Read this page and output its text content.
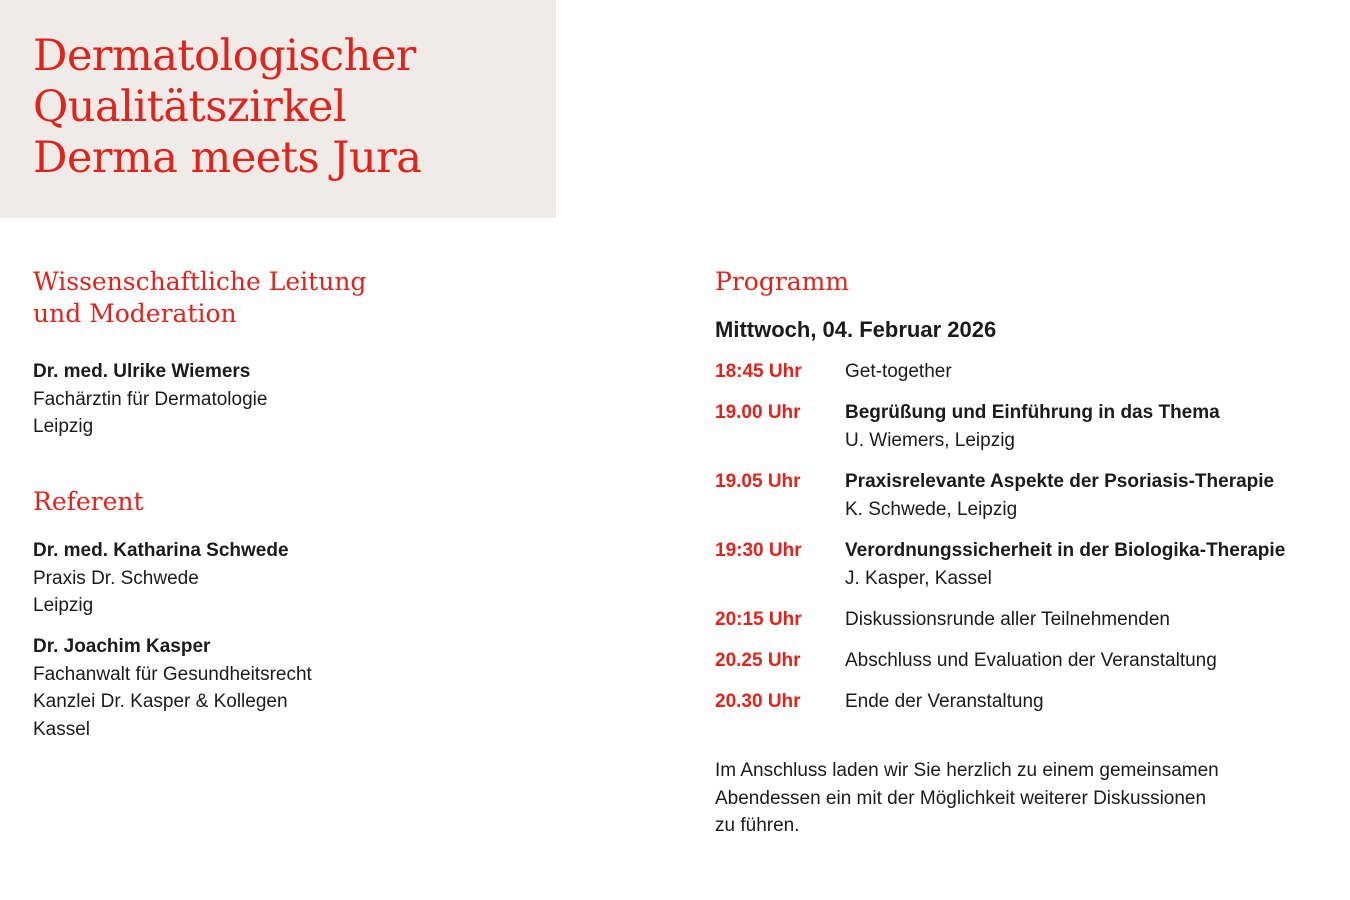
Dermatologischer
Qualitätszirkel
Derma meets Jura
Wissenschaftliche Leitung
und Moderation
Dr. med. Ulrike Wiemers
Fachärztin für Dermatologie
Leipzig
Referent
Dr. med. Katharina Schwede
Praxis Dr. Schwede
Leipzig
Dr. Joachim Kasper
Fachanwalt für Gesundheitsrecht
Kanzlei Dr. Kasper & Kollegen
Kassel
Programm
Mittwoch, 04. Februar 2026
18:45 Uhr Get-together
19.00 Uhr Begrüßung und Einführung in das Thema
U. Wiemers, Leipzig
19.05 Uhr Praxisrelevante Aspekte der Psoriasis-Therapie
K. Schwede, Leipzig
19:30 Uhr Verordnungssicherheit in der Biologika-Therapie
J. Kasper, Kassel
20:15 Uhr Diskussionsrunde aller Teilnehmenden
20.25 Uhr Abschluss und Evaluation der Veranstaltung
20.30 Uhr Ende der Veranstaltung
Im Anschluss laden wir Sie herzlich zu einem gemeinsamen
Abendessen ein mit der Möglichkeit weiterer Diskussionen
zu führen.
